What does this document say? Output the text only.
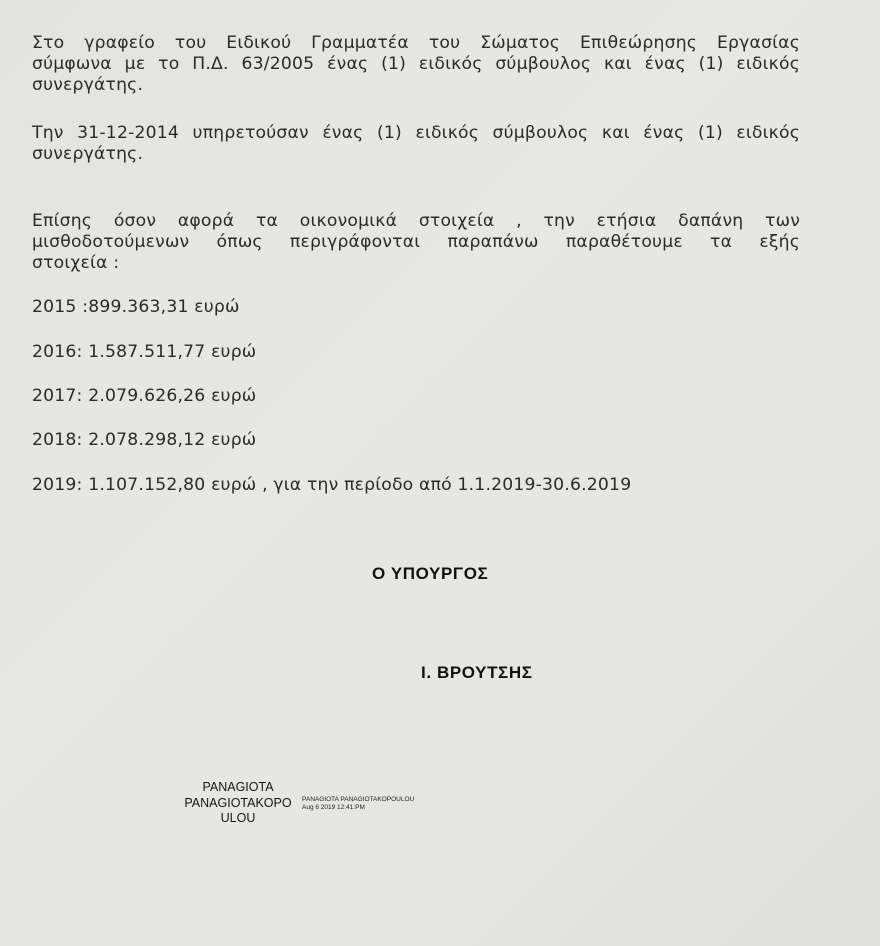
Στο γραφείο του Ειδικού Γραμματέα του Σώματος Επιθεώρησης Εργασίας
σύμφωνα με το Π.Δ. 63/2005 ένας (1) ειδικός σύμβουλος και ένας (1) ειδικός
συνεργάτης.
Την 31-12-2014 υπηρετούσαν ένας (1) ειδικός σύμβουλος και ένας (1) ειδικός
συνεργάτης.
Επίσης όσον αφορά τα οικονομικά στοιχεία , την ετήσια δαπάνη των
μισθοδοτούμενων όπως περιγράφονται παραπάνω παραθέτουμε τα εξής
στοιχεία :
2015 :899.363,31 ευρώ
2016: 1.587.511,77 ευρώ
2017: 2.079.626,26 ευρώ
2018: 2.078.298,12 ευρώ
2019: 1.107.152,80 ευρώ , για την περίοδο από 1.1.2019-30.6.2019
Ο ΥΠΟΥΡΓΟΣ
Ι. ΒΡΟΥΤΣΗΣ
PANAGIOTA
PANAGIOTAKOPO
ULOU
PANAGIOTA PANAGIOTAKOPOULOU
Aug 6 2019 12:41:PM
